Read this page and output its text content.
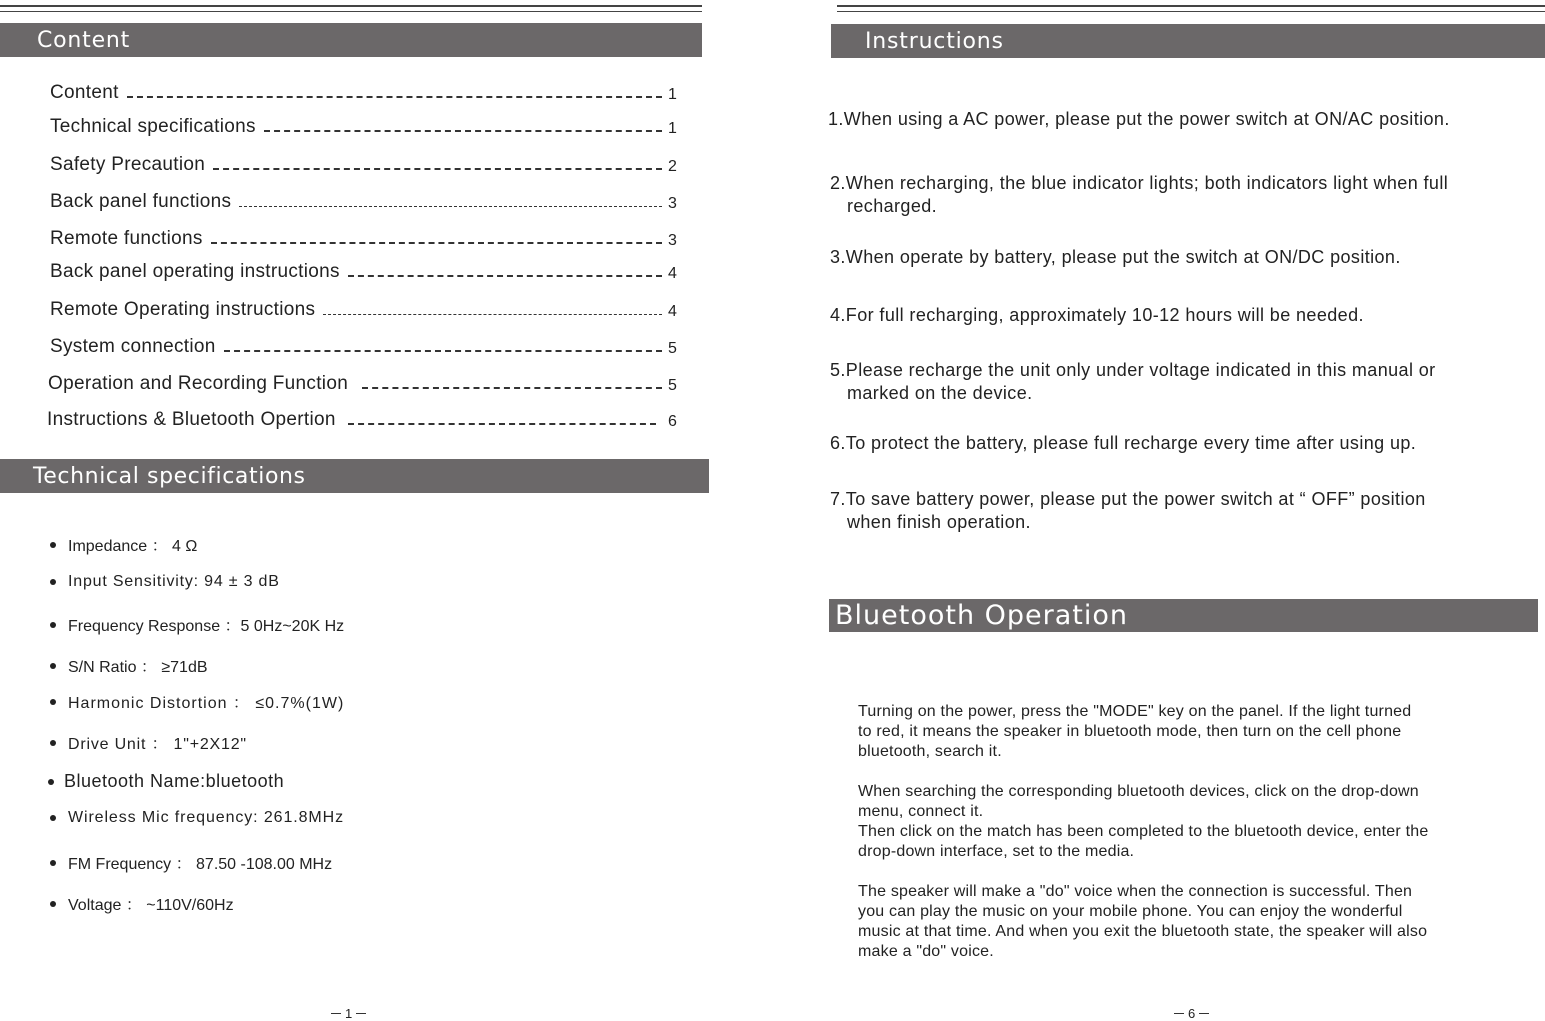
Content
Content	1
Technical specifications	1
Safety Precaution	2
Back panel functions	3
Remote functions	3
Back panel operating instructions	4
Remote Operating instructions	4
System connection	5
Operation and Recording Function	5
Instructions & Bluetooth Opertion	6
Technical specifications
Impedance ： 4 Ω
Input Sensitivity: 94 ± 3 dB
Frequency Response ：5 0Hz~20K Hz
S/N Ratio ： ≥71dB
Harmonic Distortion ： ≤0.7%(1W)
Drive Unit ： 1"+2X12"
Bluetooth Name:bluetooth
Wireless Mic frequency: 261.8MHz
FM Frequency ： 87.50 -108.00 MHz
Voltage ： ~110V/60Hz
1
Instructions
1.When using a AC power, please put the power switch at ON/AC position.
2.When recharging, the blue indicator lights; both indicators light when full
recharged.
3.When operate by battery, please put the switch at ON/DC position.
4.For full recharging, approximately 10-12 hours will be needed.
5.Please recharge the unit only under voltage indicated in this manual or
marked on the device.
6.To protect the battery, please full recharge every time after using up.
7.To save battery power, please put the power switch at “ OFF” position
when finish operation.
Bluetooth Operation
Turning on the power, press the "MODE" key on the panel. If the light turned
to red, it means the speaker in bluetooth mode, then turn on the cell phone
bluetooth, search it.
When searching the corresponding bluetooth devices, click on the drop-down
menu, connect it.
Then click on the match has been completed to the bluetooth device, enter the
drop-down interface, set to the media.
The speaker will make a "do" voice when the connection is successful. Then
you can play the music on your mobile phone. You can enjoy the wonderful
music at that time. And when you exit the bluetooth state, the speaker will also
make a "do" voice.
6
